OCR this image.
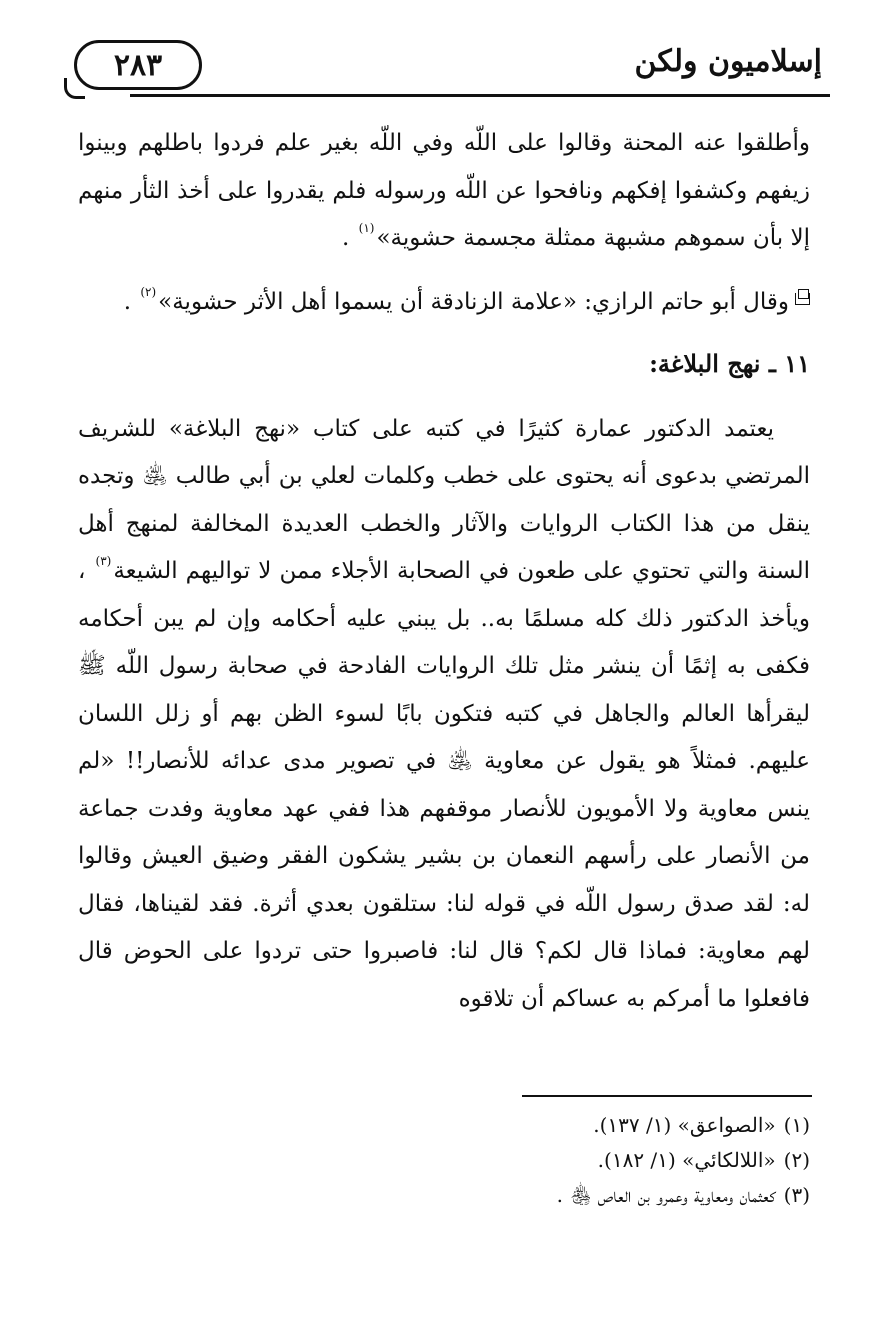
إسلاميون ولكن
٢٨٣

وأطلقوا عنه المحنة وقالوا على اللّه وفي اللّه بغير علم فردوا باطلهم وبينوا زيفهم وكشفوا إفكهم ونافحوا عن اللّه ورسوله فلم يقدروا على أخذ الثأر منهم إلا بأن سموهم مشبهة ممثلة مجسمة حشوية»$^{(١)}$ .

وقال أبو حاتم الرازي: «علامة الزنادقة أن يسموا أهل الأثر حشوية»$^{(٢)}$ .

١١ ـ نهج البلاغة:

يعتمد الدكتور عمارة كثيرًا في كتبه على كتاب «نهج البلاغة» للشريف المرتضي بدعوى أنه يحتوى على خطب وكلمات لعلي بن أبي طالب ﵁ وتجده ينقل من هذا الكتاب الروايات والآثار والخطب العديدة المخالفة لمنهج أهل السنة والتي تحتوي على طعون في الصحابة الأجلاء ممن لا تواليهم الشيعة$^{(٣)}$ ، ويأخذ الدكتور ذلك كله مسلمًا به.. بل يبني عليه أحكامه وإن لم يبن أحكامه فكفى به إثمًا أن ينشر مثل تلك الروايات الفادحة في صحابة رسول اللّه ﷺ ليقرأها العالم والجاهل في كتبه فتكون بابًا لسوء الظن بهم أو زلل اللسان عليهم. فمثلاً هو يقول عن معاوية ﵁ في تصوير مدى عدائه للأنصار!! «لم ينس معاوية ولا الأمويون للأنصار موقفهم هذا ففي عهد معاوية وفدت جماعة من الأنصار على رأسهم النعمان بن بشير يشكون الفقر وضيق العيش وقالوا له: لقد صدق رسول اللّه في قوله لنا: ستلقون بعدي أثرة. فقد لقيناها، فقال لهم معاوية: فماذا قال لكم؟ قال لنا: فاصبروا حتى تردوا على الحوض قال فافعلوا ما أمركم به عساكم أن تلاقوه

(١)«الصواعق» (١/ ١٣٧).
(٢)«اللالكائي» (١/ ١٨٢).
(٣)كعثمان ومعاوية وعمرو بن العاص ﵃ .
